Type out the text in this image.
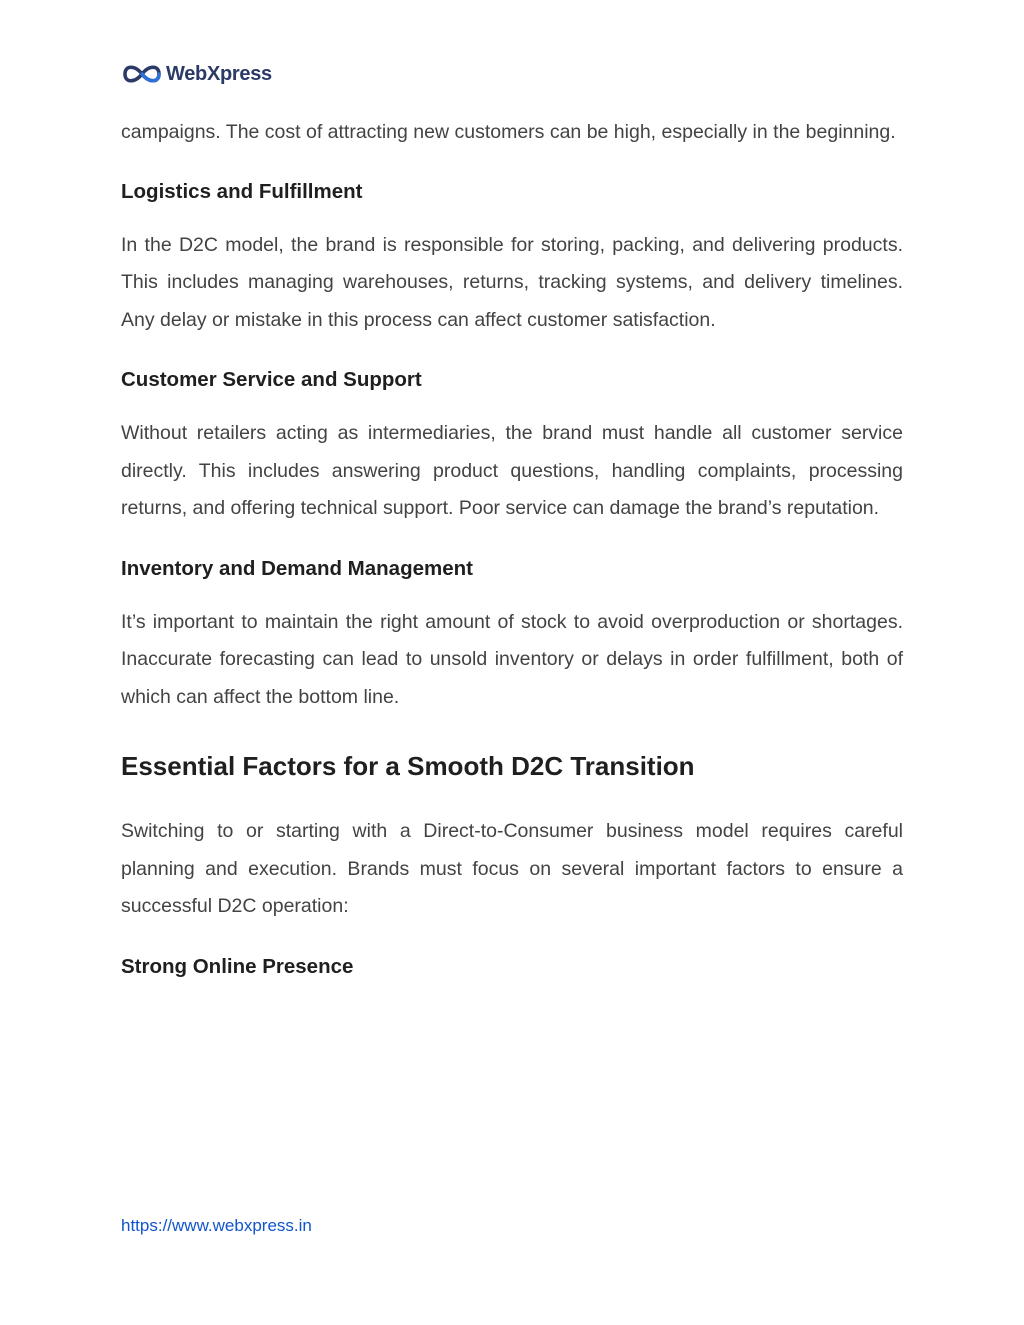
WebXpress

campaigns. The cost of attracting new customers can be high, especially in the beginning.

Logistics and Fulfillment

In the D2C model, the brand is responsible for storing, packing, and delivering products. This includes managing warehouses, returns, tracking systems, and delivery timelines. Any delay or mistake in this process can affect customer satisfaction.

Customer Service and Support

Without retailers acting as intermediaries, the brand must handle all customer service directly. This includes answering product questions, handling complaints, processing returns, and offering technical support. Poor service can damage the brand’s reputation.

Inventory and Demand Management

It’s important to maintain the right amount of stock to avoid overproduction or shortages. Inaccurate forecasting can lead to unsold inventory or delays in order fulfillment, both of which can affect the bottom line.

Essential Factors for a Smooth D2C Transition

Switching to or starting with a Direct-to-Consumer business model requires careful planning and execution. Brands must focus on several important factors to ensure a successful D2C operation:

Strong Online Presence
https://www.webxpress.in
